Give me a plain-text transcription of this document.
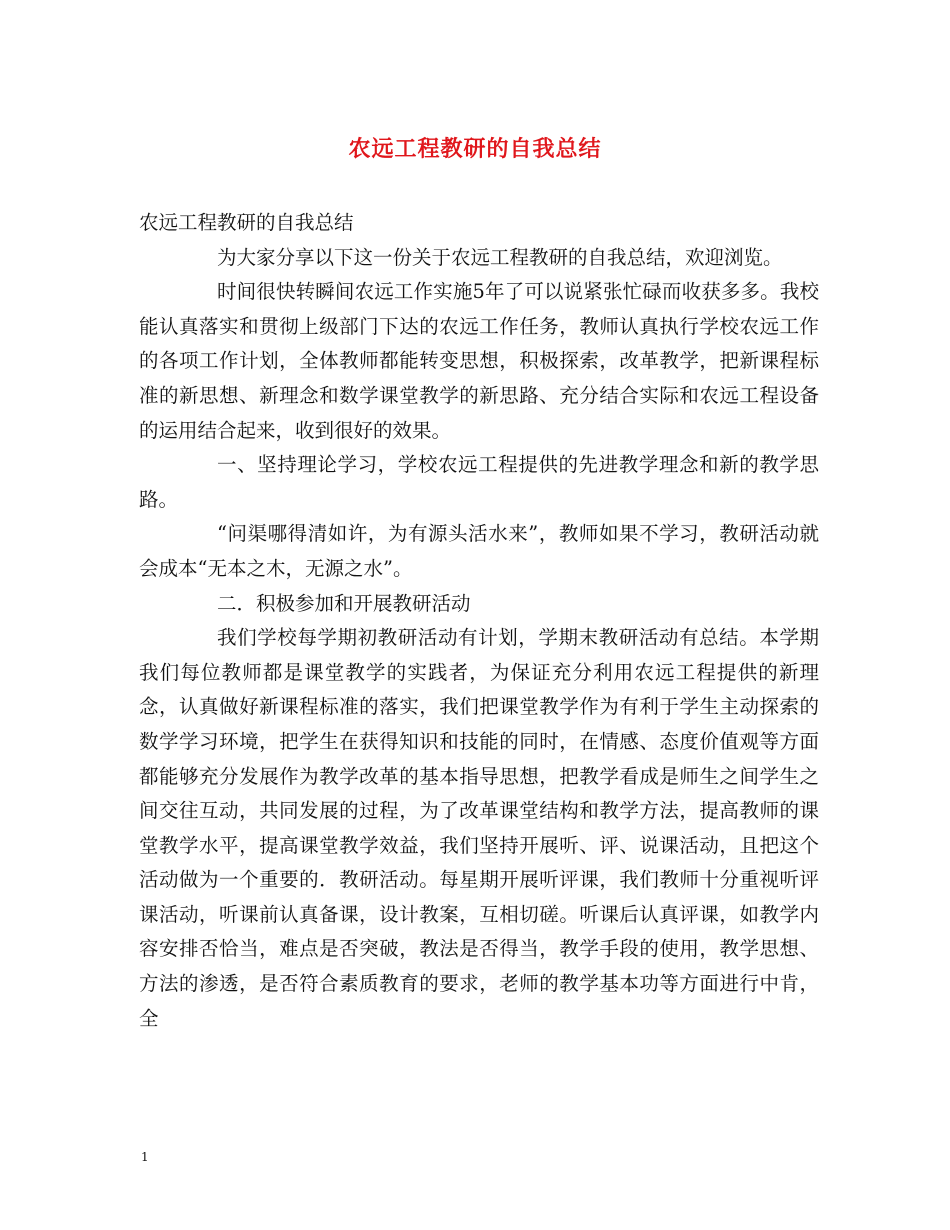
农远工程教研的自我总结

农远工程教研的自我总结

为大家分享以下这一份关于农远工程教研的自我总结，欢迎浏览。

时间很快转瞬间农远工作实施5年了可以说紧张忙碌而收获多多。我校能认真落实和贯彻上级部门下达的农远工作任务，教师认真执行学校农远工作的各项工作计划，全体教师都能转变思想，积极探索，改革教学，把新课程标准的新思想、新理念和数学课堂教学的新思路、充分结合实际和农远工程设备的运用结合起来，收到很好的效果。

一、坚持理论学习，学校农远工程提供的先进教学理念和新的教学思路。

“问渠哪得清如许，为有源头活水来”，教师如果不学习，教研活动就会成本“无本之木，无源之水”。

二．积极参加和开展教研活动

我们学校每学期初教研活动有计划，学期末教研活动有总结。本学期我们每位教师都是课堂教学的实践者，为保证充分利用农远工程提供的新理念，认真做好新课程标准的落实，我们把课堂教学作为有利于学生主动探索的数学学习环境，把学生在获得知识和技能的同时，在情感、态度价值观等方面都能够充分发展作为教学改革的基本指导思想，把教学看成是师生之间学生之间交往互动，共同发展的过程，为了改革课堂结构和教学方法，提高教师的课堂教学水平，提高课堂教学效益，我们坚持开展听、评、说课活动，且把这个活动做为一个重要的．教研活动。每星期开展听评课，我们教师十分重视听评课活动，听课前认真备课，设计教案，互相切磋。听课后认真评课，如教学内容安排否恰当，难点是否突破，教法是否得当，教学手段的使用，教学思想、方法的渗透，是否符合素质教育的要求，老师的教学基本功等方面进行中肯，全

1
